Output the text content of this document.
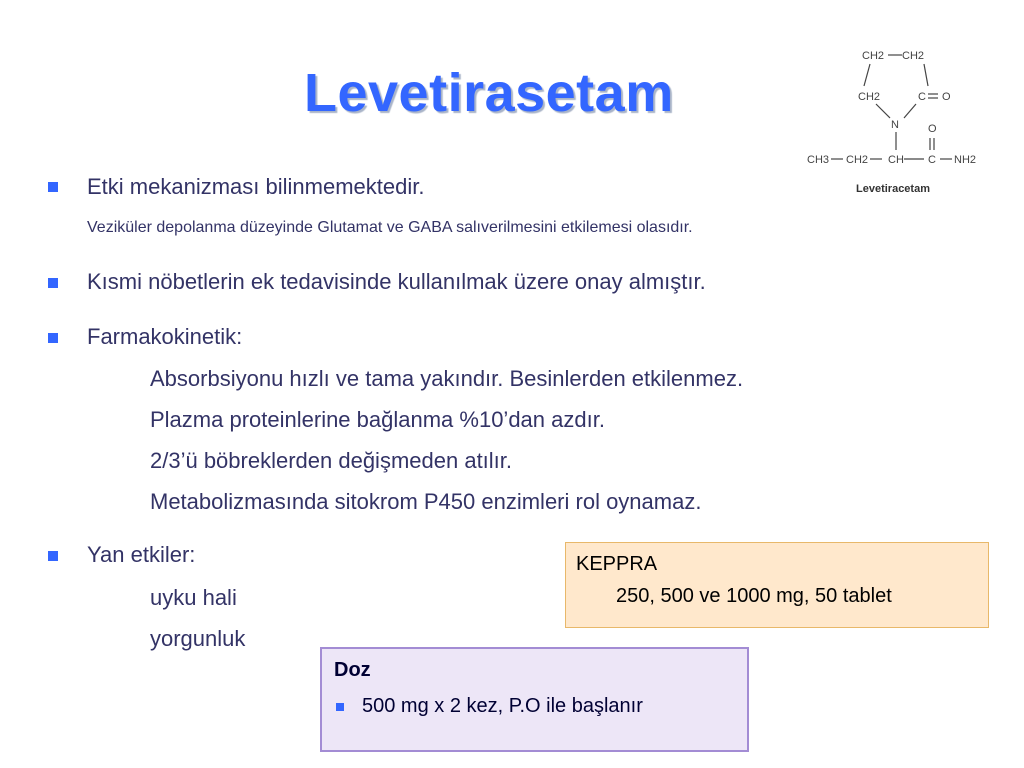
Levetirasetam
CH2 CH2
CH2	C O
N	O
CH3 CH2 CH C NH2
Levetiracetam

Etki mekanizması bilinmemektedir.

Veziküler depolanma düzeyinde Glutamat ve GABA salıverilmesini etkilemesi olasıdır.

Kısmi nöbetlerin ek tedavisinde kullanılmak üzere onay almıştır.

Farmakokinetik:

Absorbsiyonu hızlı ve tama yakındır. Besinlerden etkilenmez.

Plazma proteinlerine bağlanma %10’dan azdır.

2/3’ü böbreklerden değişmeden atılır.

Metabolizmasında sitokrom P450 enzimleri rol oynamaz.

Yan etkiler:

uyku hali

yorgunluk

KEPPRA
250, 500 ve 1000 mg, 50 tablet
Doz
500 mg x 2 kez, P.O ile başlanır
